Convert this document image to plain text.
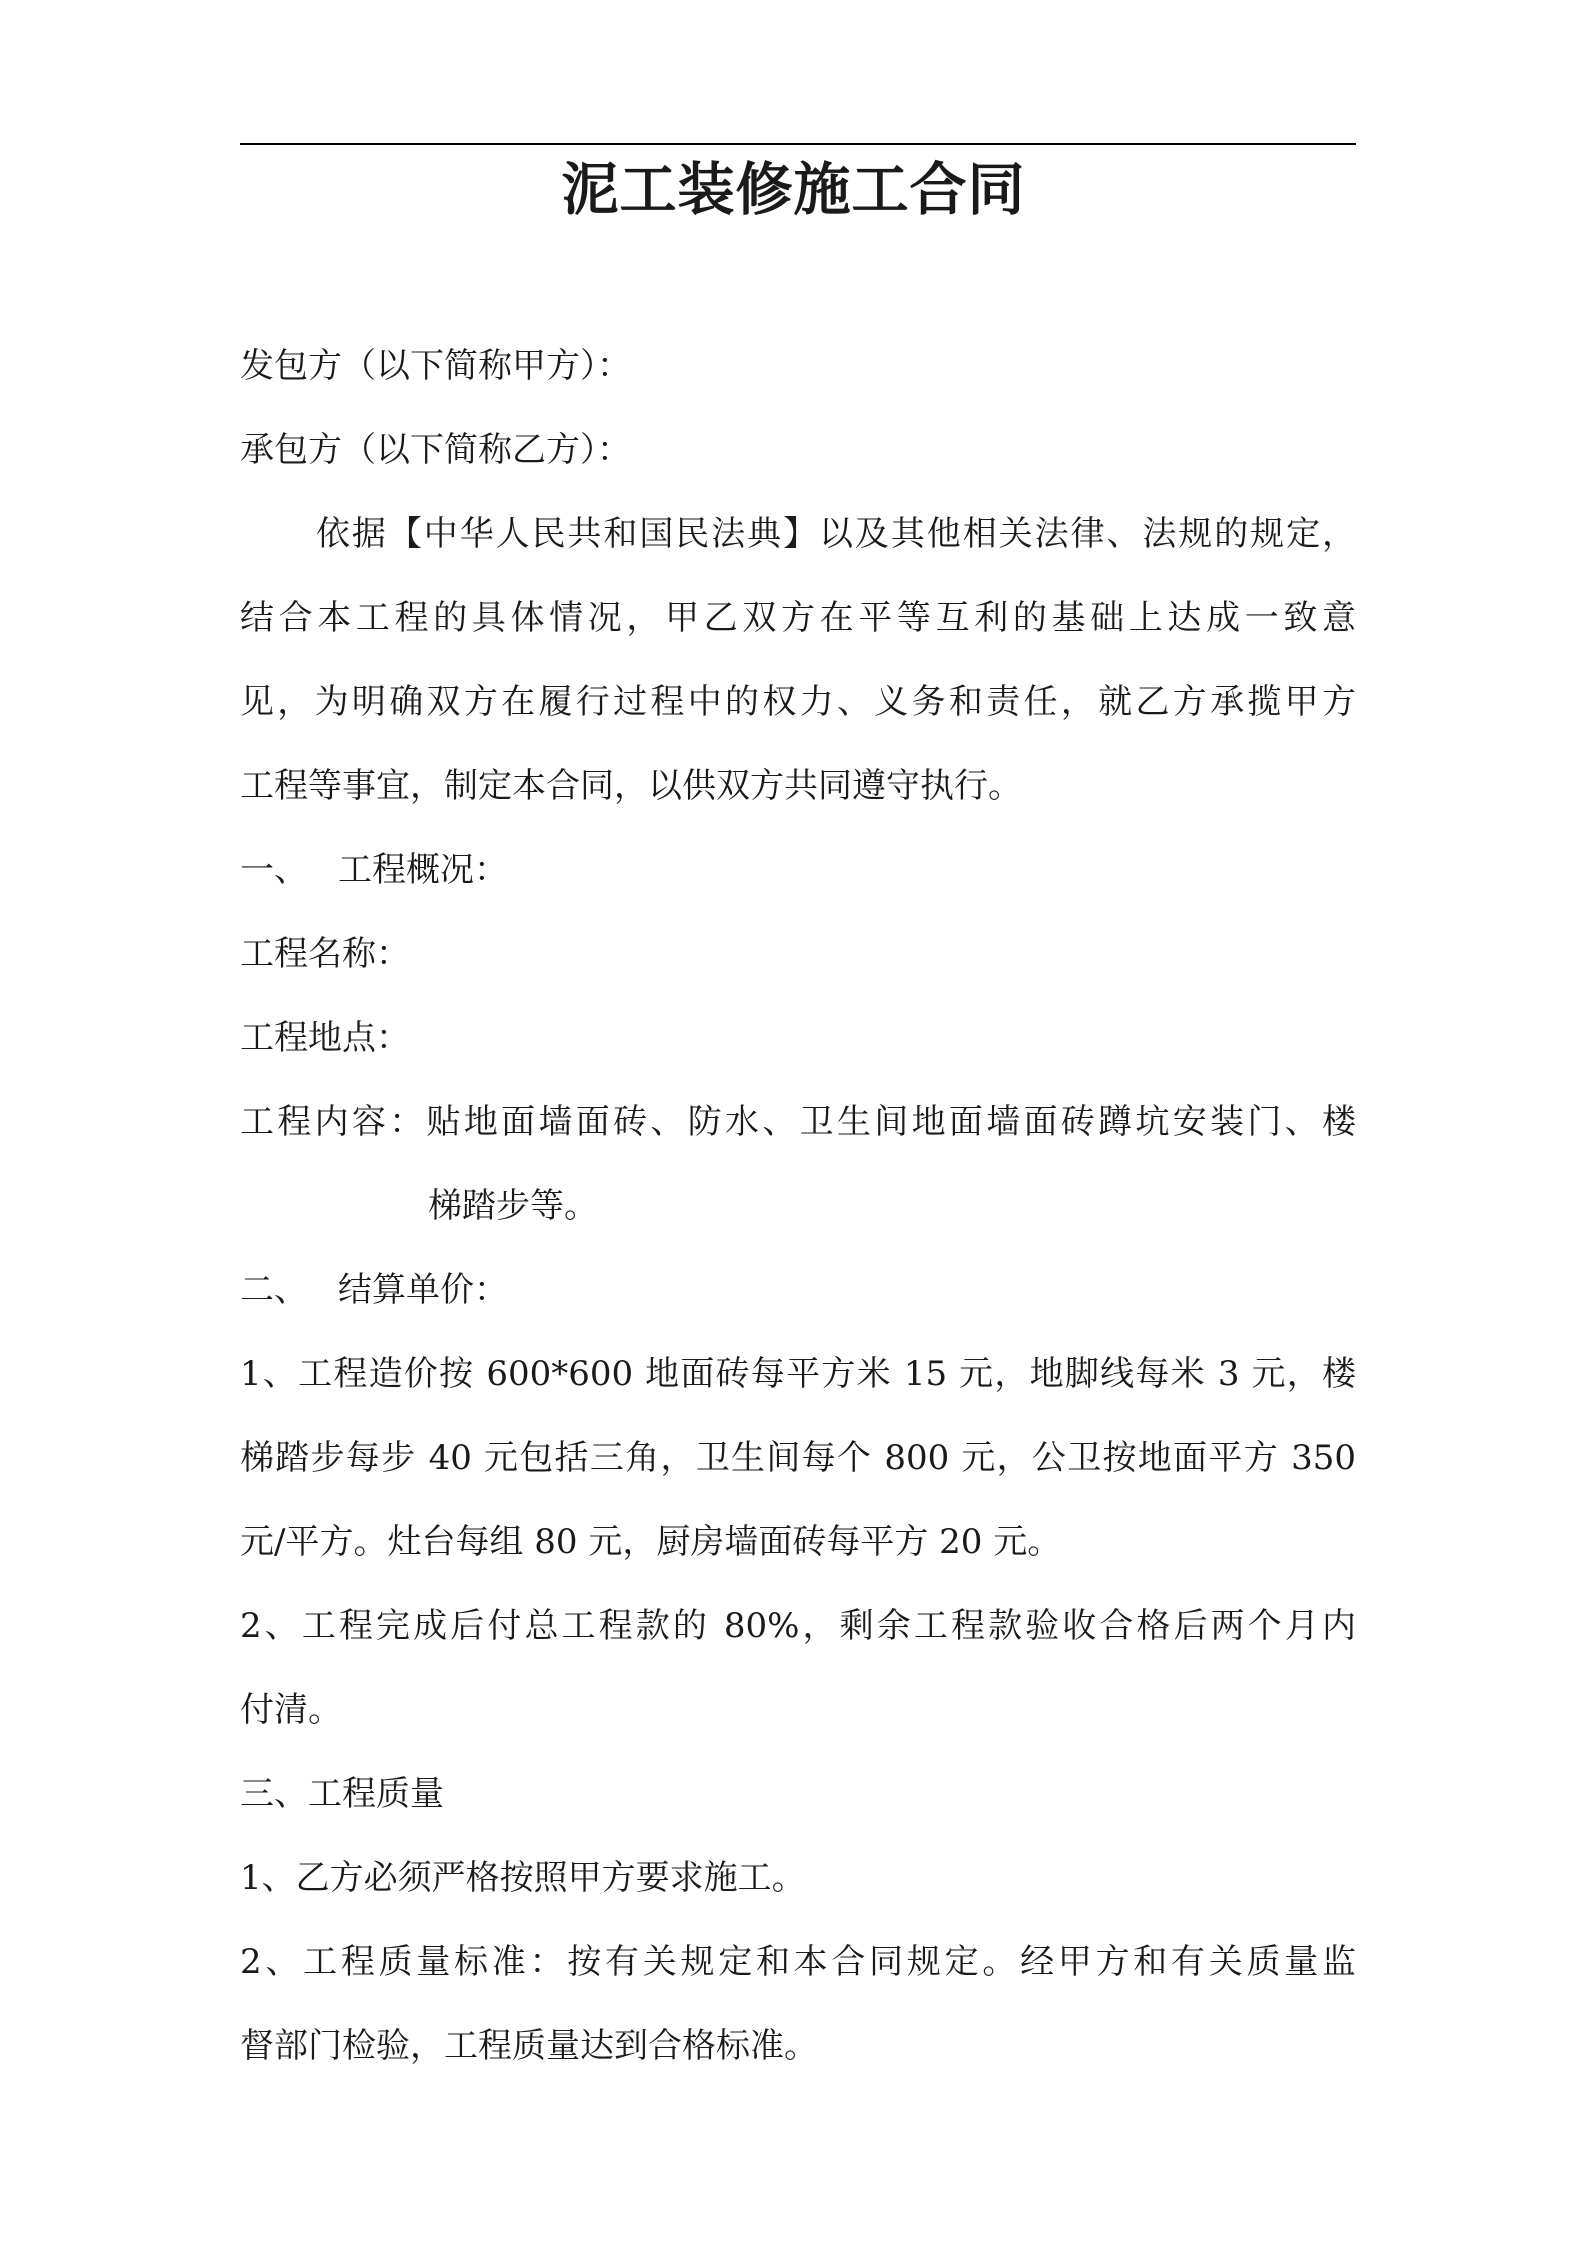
泥工装修施工合同
发包方（以下简称甲方）：
承包方（以下简称乙方）：
依据【中华人民共和国民法典】以及其他相关法律、法规的规定，
结合本工程的具体情况，甲乙双方在平等互利的基础上达成一致意
见，为明确双方在履行过程中的权力、义务和责任，就乙方承揽甲方
工程等事宜，制定本合同，以供双方共同遵守执行。
一、 工程概况：
工程名称：
工程地点：
工程内容：贴地面墙面砖、防水、卫生间地面墙面砖蹲坑安装门、楼
梯踏步等。
二、 结算单价：
1、工程造价按 600*600 地面砖每平方米 15 元，地脚线每米 3 元，楼
梯踏步每步 40 元包括三角，卫生间每个 800 元，公卫按地面平方 350
元/平方。灶台每组 80 元，厨房墙面砖每平方 20 元。
2、工程完成后付总工程款的 80%，剩余工程款验收合格后两个月内
付清。
三、工程质量
1、乙方必须严格按照甲方要求施工。
2、工程质量标准：按有关规定和本合同规定。经甲方和有关质量监
督部门检验，工程质量达到合格标准。
